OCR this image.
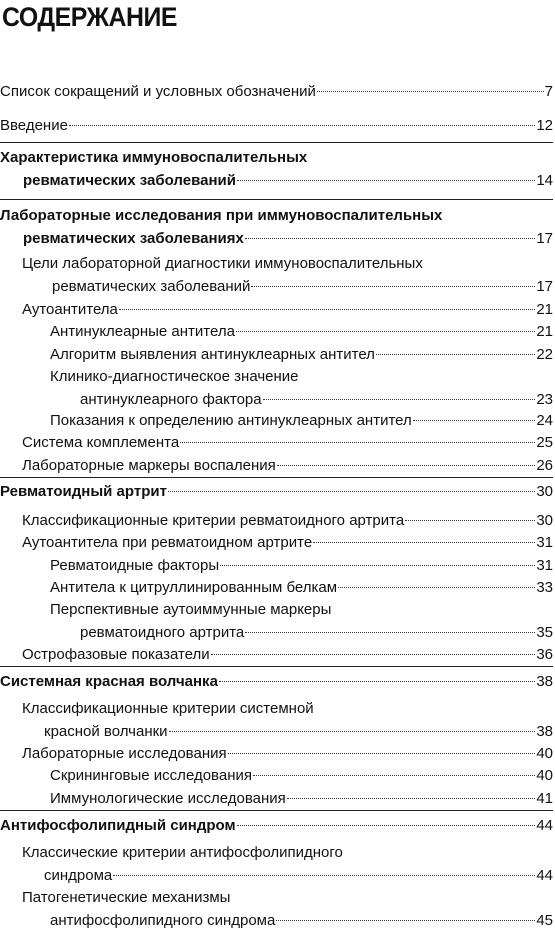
СОДЕРЖАНИЕ
Список сокращений и условных обозначений	7
Введение	12
Характеристика иммуновоспалительных
ревматических заболеваний	14
Лабораторные исследования при иммуновоспалительных
ревматических заболеваниях	17
Цели лабораторной диагностики иммуновоспалительных
ревматических заболеваний	17
Аутоантитела	21
Антинуклеарные антитела	21
Алгоритм выявления антинуклеарных антител	22
Клинико-диагностическое значение
антинуклеарного фактора	23
Показания к определению антинуклеарных антител	24
Система комплемента	25
Лабораторные маркеры воспаления	26
Ревматоидный артрит	30
Классификационные критерии ревматоидного артрита	30
Аутоантитела при ревматоидном артрите	31
Ревматоидные факторы	31
Антитела к цитруллинированным белкам	33
Перспективные аутоиммунные маркеры
ревматоидного артрита	35
Острофазовые показатели	36
Системная красная волчанка	38
Классификационные критерии системной
красной волчанки	38
Лабораторные исследования	40
Скрининговые исследования	40
Иммунологические исследования	41
Антифосфолипидный синдром	44
Классические критерии антифосфолипидного
синдрома	44
Патогенетические механизмы
антифосфолипидного синдрома	45
